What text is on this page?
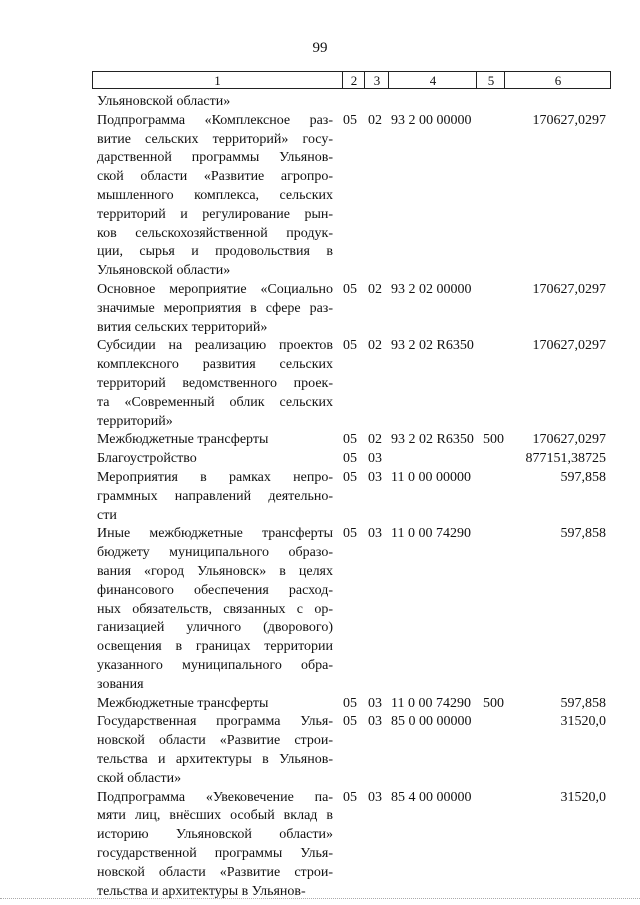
99
1	2	3	4	5	6
Ульяновской области»
Подпрограмма «Комплексное раз-
витие сельских территорий» госу-
дарственной программы Ульянов-
ской области «Развитие агропро-
мышленного комплекса, сельских
территорий и регулирование рын-
ков сельскохозяйственной продук-
ции, сырья и продовольствия в
Ульяновской области»
05 02 93 2 00 00000	170627,0297
Основное мероприятие «Социально
значимые мероприятия в сфере раз-
вития сельских территорий»
05 02 93 2 02 00000	170627,0297
Субсидии на реализацию проектов
комплексного развития сельских
территорий ведомственного проек-
та «Современный облик сельских
территорий»
05 02 93 2 02 R6350	170627,0297
Межбюджетные трансферты	05 02 93 2 02 R6350 500	170627,0297
Благоустройство	05 03	877151,38725
Мероприятия в рамках непро-
граммных направлений деятельно-
сти
05 03 11 0 00 00000	597,858
Иные межбюджетные трансферты
бюджету муниципального образо-
вания «город Ульяновск» в целях
финансового обеспечения расход-
ных обязательств, связанных с ор-
ганизацией уличного (дворового)
освещения в границах территории
указанного муниципального обра-
зования
05 03 11 0 00 74290	597,858
Межбюджетные трансферты	05 03 11 0 00 74290 500	597,858
Государственная программа Улья-
новской области «Развитие строи-
тельства и архитектуры в Ульянов-
ской области»
05 03 85 0 00 00000	31520,0
Подпрограмма «Увековечение па-
мяти лиц, внёсших особый вклад в
историю Ульяновской области»
государственной программы Улья-
новской области «Развитие строи-
тельства и архитектуры в Ульянов-
05 03 85 4 00 00000	31520,0
